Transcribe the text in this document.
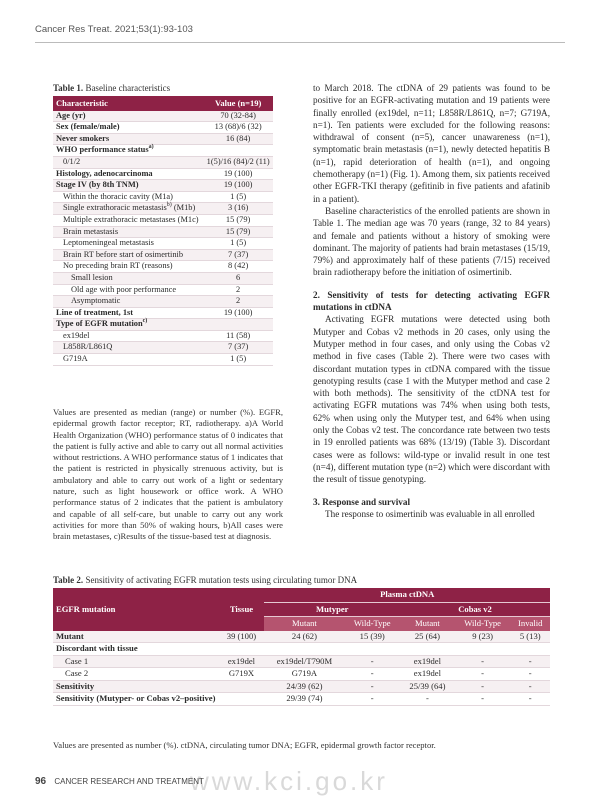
Cancer Res Treat. 2021;53(1):93-103
Table 1. Baseline characteristics
Characteristic	Value (n=19)
Age (yr)	70 (32-84)
Sex (female/male)	13 (68)/6 (32)
Never smokers	16 (84)
WHO performance status$^{a)}$	
0/1/2	1(5)/16 (84)/2 (11)
Histology, adenocarcinoma	19 (100)
Stage IV (by 8th TNM)	19 (100)
Within the thoracic cavity (M1a)	1 (5)
Single extrathoracic metastasis$^{b)}$ (M1b)	3 (16)
Multiple extrathoracic metastases (M1c)	15 (79)
Brain metastasis	15 (79)
Leptomeningeal metastasis	1 (5)
Brain RT before start of osimertinib	7 (37)
No preceding brain RT (reasons)	8 (42)
Small lesion	6
Old age with poor performance	2
Asymptomatic	2
Line of treatment, 1st	19 (100)
Type of EGFR mutation$^{c)}$	
ex19del	11 (58)
L858R/L861Q	7 (37)
G719A	1 (5)
Values are presented as median (range) or number (%). EGFR, epidermal growth factor receptor; RT, radiotherapy. a)A World Health Organization (WHO) performance status of 0 indicates that the patient is fully active and able to carry out all normal activities without restrictions. A WHO performance status of 1 indicates that the patient is restricted in physically strenuous activity, but is ambulatory and able to carry out work of a light or sedentary nature, such as light housework or office work. A WHO performance status of 2 indicates that the patient is ambulatory and capable of all self-care, but unable to carry out any work activities for more than 50% of waking hours, b)All cases were brain metastases, c)Results of the tissue-based test at diagnosis.

to March 2018. The ctDNA of 29 patients was found to be positive for an EGFR-activating mutation and 19 patients were finally enrolled (ex19del, n=11; L858R/L861Q, n=7; G719A, n=1). Ten patients were excluded for the following reasons: withdrawal of consent (n=5), cancer unawareness (n=1), symptomatic brain metastasis (n=1), newly detected hepatitis B (n=1), rapid deterioration of health (n=1), and ongoing chemotherapy (n=1) (Fig. 1). Among them, six patients received other EGFR-TKI therapy (gefitinib in five patients and afatinib in a patient).

Baseline characteristics of the enrolled patients are shown in Table 1. The median age was 70 years (range, 32 to 84 years) and female and patients without a history of smoking were dominant. The majority of patients had brain metastases (15/19, 79%) and approximately half of these patients (7/15) received brain radiotherapy before the initiation of osimertinib.

2. Sensitivity of tests for detecting activating EGFR mutations in ctDNA

Activating EGFR mutations were detected using both Mutyper and Cobas v2 methods in 20 cases, only using the Mutyper method in four cases, and only using the Cobas v2 method in five cases (Table 2). There were two cases with discordant mutation types in ctDNA compared with the tissue genotyping results (case 1 with the Mutyper method and case 2 with both methods). The sensitivity of the ctDNA test for activating EGFR mutations was 74% when using both tests, 62% when using only the Mutyper test, and 64% when using only the Cobas v2 test. The concordance rate between two tests in 19 enrolled patients was 68% (13/19) (Table 3). Discordant cases were as follows: wild-type or invalid result in one test (n=4), different mutation type (n=2) which were discordant with the result of tissue genotyping.

3. Response and survival

The response to osimertinib was evaluable in all enrolled

Table 2. Sensitivity of activating EGFR mutation tests using circulating tumor DNA
EGFR mutation	Tissue	Plasma ctDNA				
		Mutyper		Cobas v2		
		Mutant	Wild-Type	Mutant	Wild-Type	Invalid
Mutant	39 (100)	24 (62)	15 (39)	25 (64)	9 (23)	5 (13)
Discordant with tissue						
Case 1	ex19del	ex19del/T790M	-	ex19del	-	-
Case 2	G719X	G719A	-	ex19del	-	-
Sensitivity		24/39 (62)	-	25/39 (64)	-	-
Sensitivity (Mutyper- or Cobas v2–positive)		29/39 (74)	-	-	-	-
Values are presented as number (%). ctDNA, circulating tumor DNA; EGFR, epidermal growth factor receptor.
www.kci.go.kr
96 CANCER RESEARCH AND TREATMENT
